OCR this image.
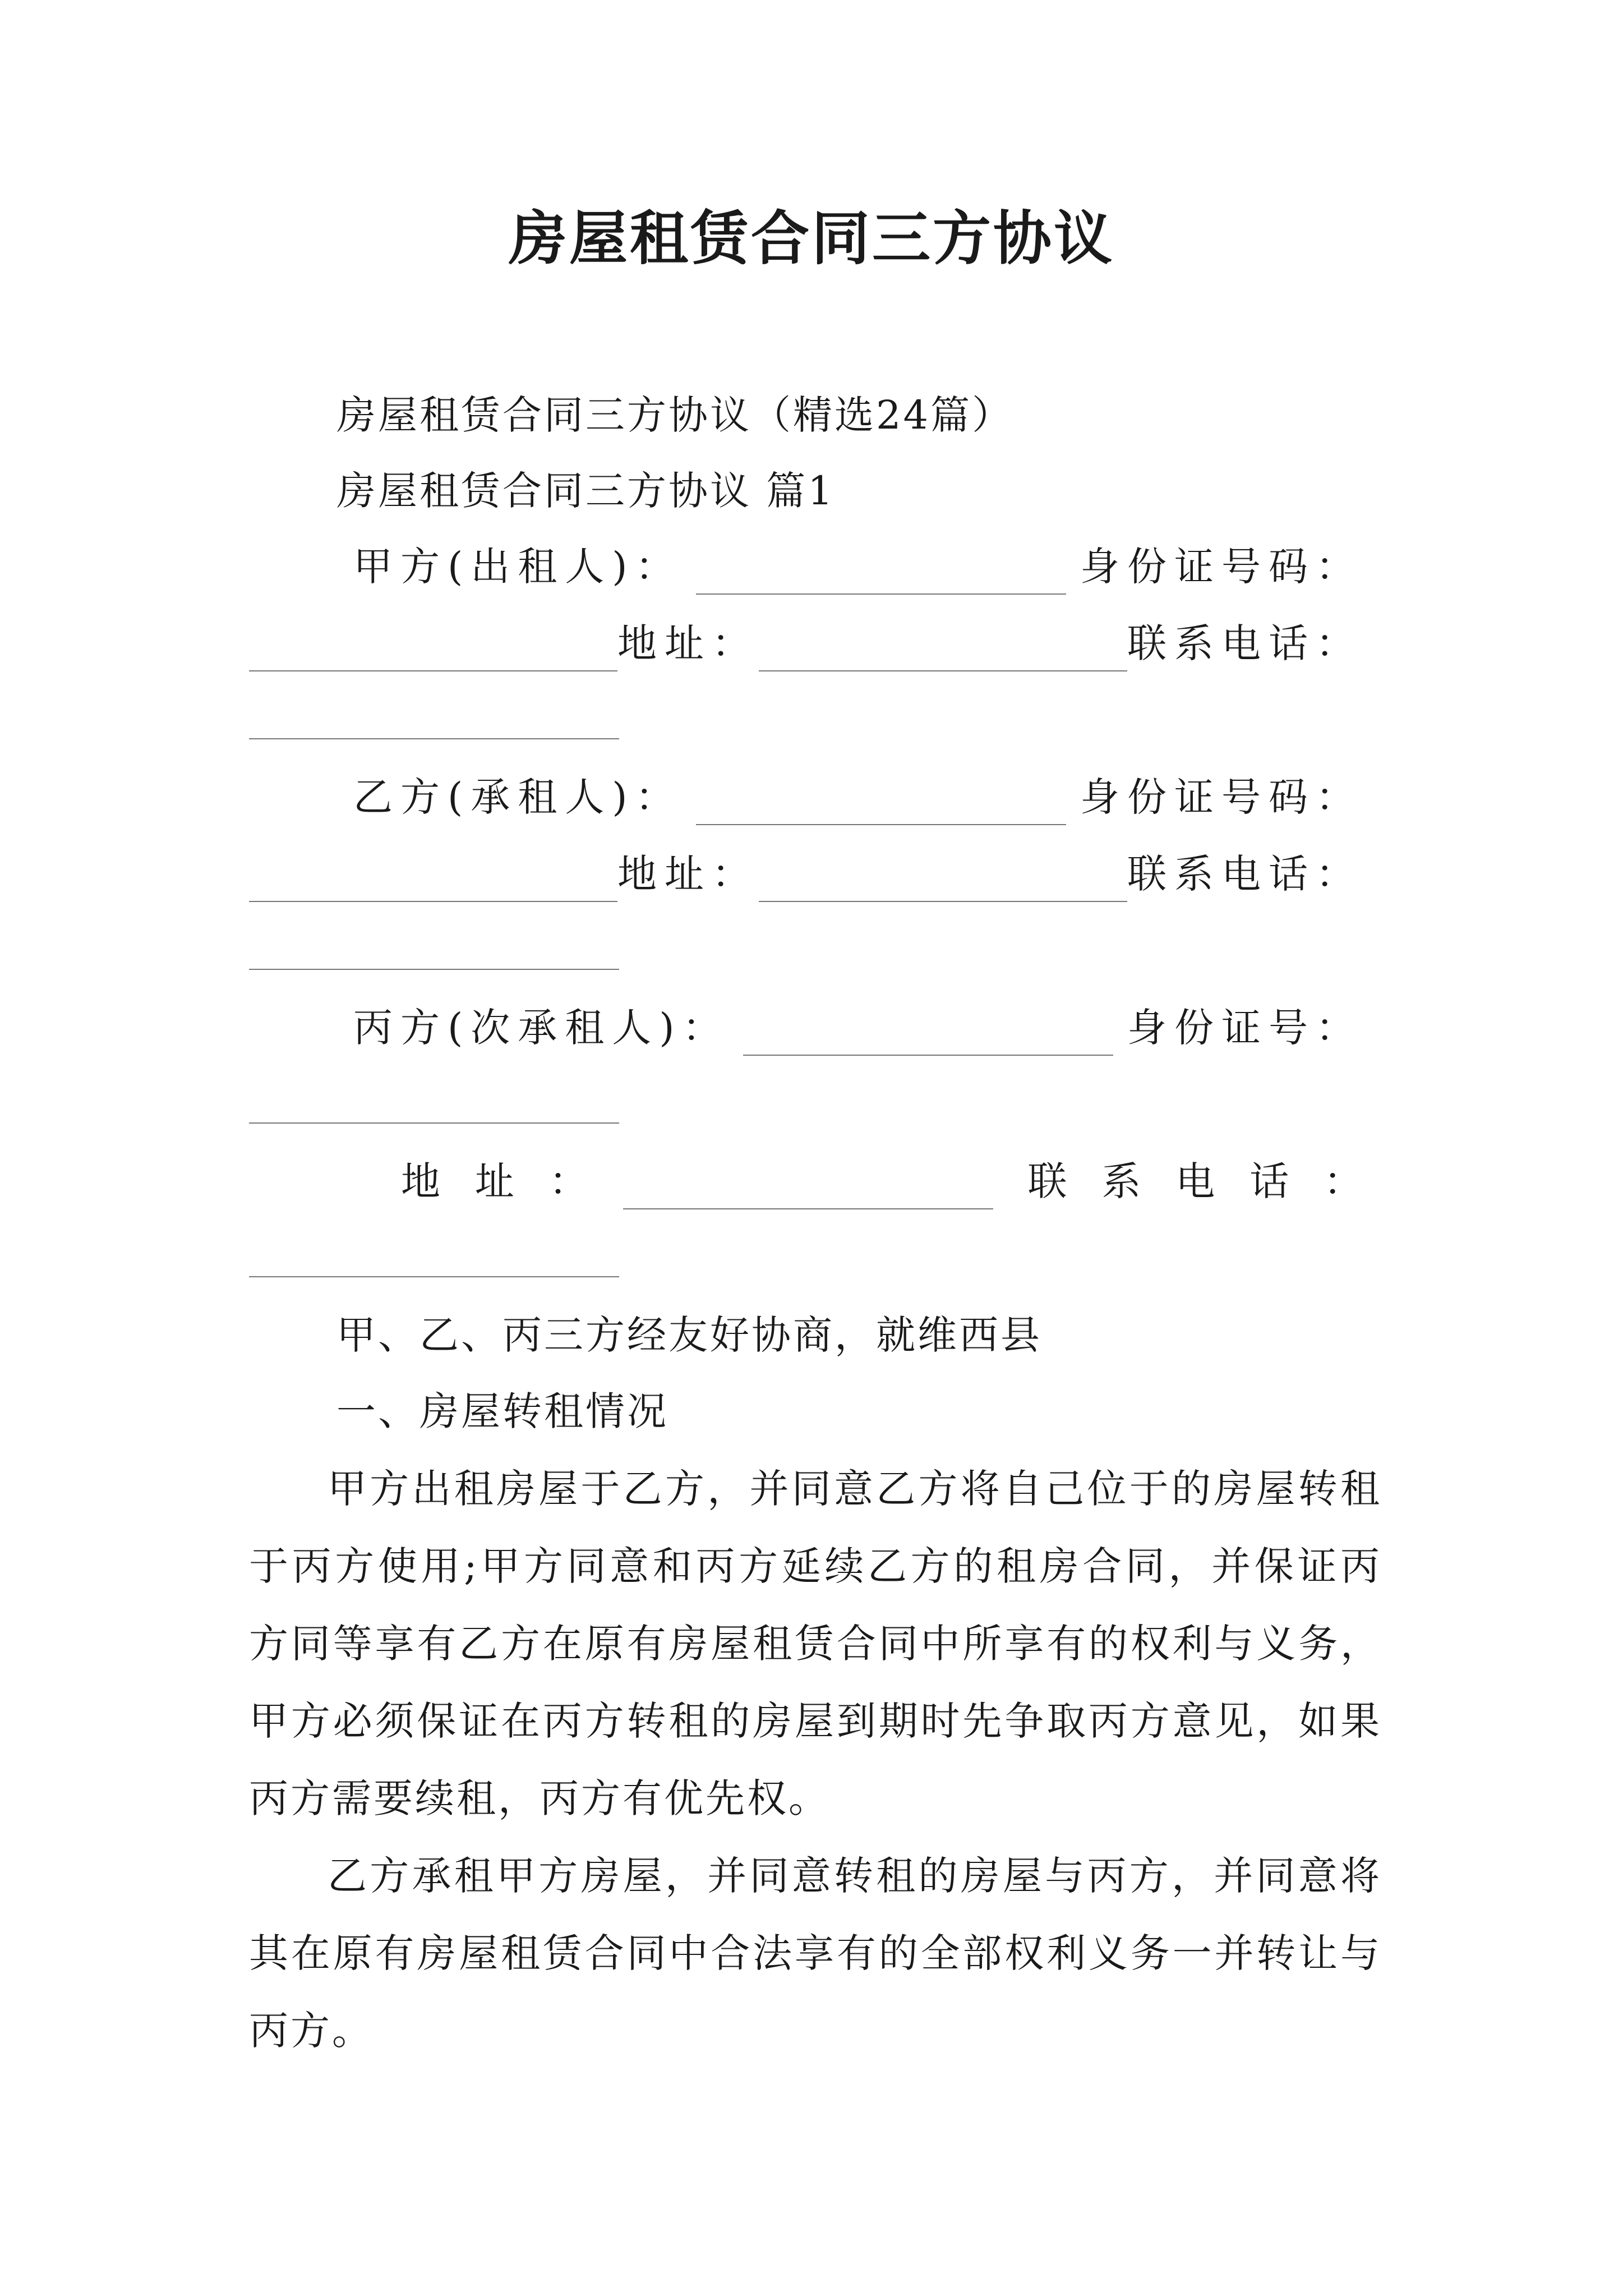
房屋租赁合同三方协议
房屋租赁合同三方协议（精选24篇）
房屋租赁合同三方协议 篇1
甲方(出租人)：	身份证号码：
地址：	联系电话：
乙方(承租人)：	身份证号码：
地址：	联系电话：
丙方(次承租人)：	身份证号：
地 址 ：	联 系 电 话 ：
甲、乙、丙三方经友好协商，就维西县
一、房屋转租情况
甲方出租房屋于乙方，并同意乙方将自己位于的房屋转租于丙方使用;甲方同意和丙方延续乙方的租房合同，并保证丙方同等享有乙方在原有房屋租赁合同中所享有的权利与义务，甲方必须保证在丙方转租的房屋到期时先争取丙方意见，如果丙方需要续租，丙方有优先权。
乙方承租甲方房屋，并同意转租的房屋与丙方，并同意将其在原有房屋租赁合同中合法享有的全部权利义务一并转让与丙方。
